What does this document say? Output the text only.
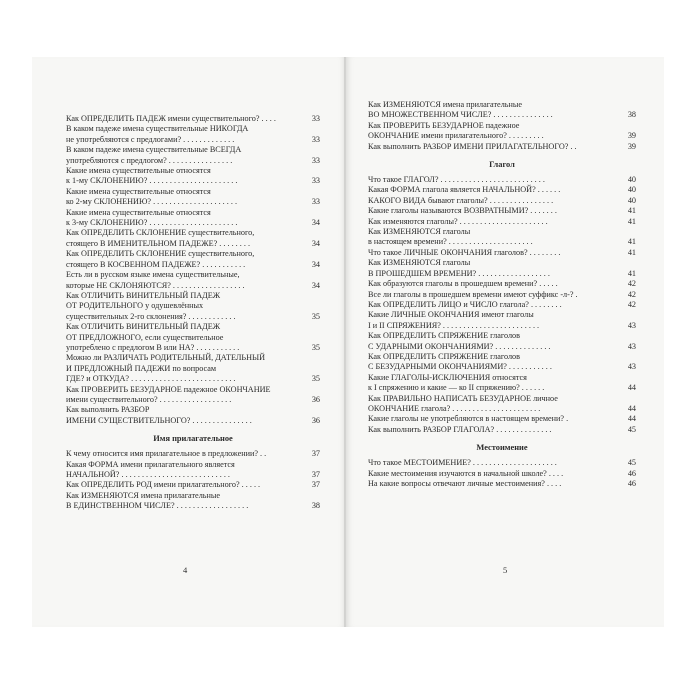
Как ОПРЕДЕЛИТЬ ПАДЕЖ имени существительного? . . . .	33
В каком падеже имена существительные НИКОГДА
не употребляются с предлогами? . . . . . . . . . . . . .	33
В каком падеже имена существительные ВСЕГДА
употребляются с предлогом? . . . . . . . . . . . . . . . .	33
Какие имена существительные относятся
к 1-му СКЛОНЕНИЮ? . . . . . . . . . . . . . . . . . . . . . .	33
Какие имена существительные относятся
ко 2-му СКЛОНЕНИЮ? . . . . . . . . . . . . . . . . . . . . .	33
Какие имена существительные относятся
к 3-му СКЛОНЕНИЮ? . . . . . . . . . . . . . . . . . . . . . .	34
Как ОПРЕДЕЛИТЬ СКЛОНЕНИЕ существительного,
стоящего В ИМЕНИТЕЛЬНОМ ПАДЕЖЕ? . . . . . . . .	34
Как ОПРЕДЕЛИТЬ СКЛОНЕНИЕ существительного,
стоящего В КОСВЕННОМ ПАДЕЖЕ? . . . . . . . . . . .	34
Есть ли в русском языке имена существительные,
которые НЕ СКЛОНЯЮТСЯ? . . . . . . . . . . . . . . . . . .	34
Как ОТЛИЧИТЬ ВИНИТЕЛЬНЫЙ ПАДЕЖ
ОТ РОДИТЕЛЬНОГО у одушевлённых
существительных 2-го склонения? . . . . . . . . . . . .	35
Как ОТЛИЧИТЬ ВИНИТЕЛЬНЫЙ ПАДЕЖ
ОТ ПРЕДЛОЖНОГО, если существительное
употреблено с предлогом В или НА? . . . . . . . . . . .	35
Можно ли РАЗЛИЧАТЬ РОДИТЕЛЬНЫЙ, ДАТЕЛЬНЫЙ
И ПРЕДЛОЖНЫЙ ПАДЕЖИ по вопросам
ГДЕ? и ОТКУДА? . . . . . . . . . . . . . . . . . . . . . . . . . .	35
Как ПРОВЕРИТЬ БЕЗУДАРНОЕ падежное ОКОНЧАНИЕ
имени существительного? . . . . . . . . . . . . . . . . . .	36
Как выполнить РАЗБОР
ИМЕНИ СУЩЕСТВИТЕЛЬНОГО? . . . . . . . . . . . . . . .	36
Имя прилагательное
К чему относится имя прилагательное в предложении? . .	37
Какая ФОРМА имени прилагательного является
НАЧАЛЬНОЙ? . . . . . . . . . . . . . . . . . . . . . . . . . . .	37
Как ОПРЕДЕЛИТЬ РОД имени прилагательного? . . . . .	37
Как ИЗМЕНЯЮТСЯ имена прилагательные
В ЕДИНСТВЕННОМ ЧИСЛЕ? . . . . . . . . . . . . . . . . . .	38
4
Как ИЗМЕНЯЮТСЯ имена прилагательные
ВО МНОЖЕСТВЕННОМ ЧИСЛЕ? . . . . . . . . . . . . . . .	38
Как ПРОВЕРИТЬ БЕЗУДАРНОЕ падежное
ОКОНЧАНИЕ имени прилагательного? . . . . . . . . .	39
Как выполнить РАЗБОР ИМЕНИ ПРИЛАГАТЕЛЬНОГО? . .	39
Глагол
Что такое ГЛАГОЛ? . . . . . . . . . . . . . . . . . . . . . . . . . .	40
Какая ФОРМА глагола является НАЧАЛЬНОЙ? . . . . . .	40
КАКОГО ВИДА бывают глаголы? . . . . . . . . . . . . . . . .	40
Какие глаголы называются ВОЗВРАТНЫМИ? . . . . . . .	41
Как изменяются глаголы? . . . . . . . . . . . . . . . . . . . . . .	41
Как ИЗМЕНЯЮТСЯ глаголы
в настоящем времени? . . . . . . . . . . . . . . . . . . . . .	41
Что такое ЛИЧНЫЕ ОКОНЧАНИЯ глаголов? . . . . . . . .	41
Как ИЗМЕНЯЮТСЯ глаголы
В ПРОШЕДШЕМ ВРЕМЕНИ? . . . . . . . . . . . . . . . . . .	41
Как образуются глаголы в прошедшем времени? . . . . .	42
Все ли глаголы в прошедшем времени имеют суффикс -л-? .	42
Как ОПРЕДЕЛИТЬ ЛИЦО и ЧИСЛО глагола? . . . . . . . .	42
Какие ЛИЧНЫЕ ОКОНЧАНИЯ имеют глаголы
I и II СПРЯЖЕНИЯ? . . . . . . . . . . . . . . . . . . . . . . . .	43
Как ОПРЕДЕЛИТЬ СПРЯЖЕНИЕ глаголов
С УДАРНЫМИ ОКОНЧАНИЯМИ? . . . . . . . . . . . . . .	43
Как ОПРЕДЕЛИТЬ СПРЯЖЕНИЕ глаголов
С БЕЗУДАРНЫМИ ОКОНЧАНИЯМИ? . . . . . . . . . . .	43
Какие ГЛАГОЛЫ-ИСКЛЮЧЕНИЯ относятся
к I спряжению и какие — ко II спряжению? . . . . . .	44
Как ПРАВИЛЬНО НАПИСАТЬ БЕЗУДАРНОЕ личное
ОКОНЧАНИЕ глагола? . . . . . . . . . . . . . . . . . . . . . .	44
Какие глаголы не употребляются в настоящем времени? .	44
Как выполнить РАЗБОР ГЛАГОЛА? . . . . . . . . . . . . . .	45
Местоимение
Что такое МЕСТОИМЕНИЕ? . . . . . . . . . . . . . . . . . . . . .	45
Какие местоимения изучаются в начальной школе? . . . .	46
На какие вопросы отвечают личные местоимения? . . . .	46
5
